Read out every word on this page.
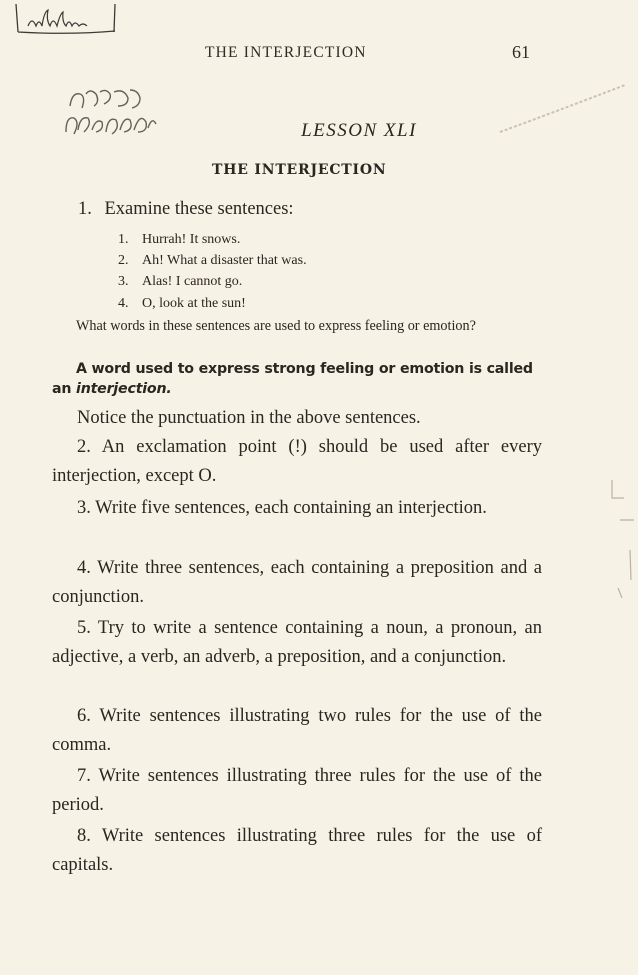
THE INTERJECTION	61
LESSON XLI
THE INTERJECTION
1. Examine these sentences:
1. Hurrah! It snows.
2. Ah! What a disaster that was.
3. Alas! I cannot go.
4. O, look at the sun!
What words in these sentences are used to express feeling or emotion?
A word used to express strong feeling or emotion is called an interjection.
Notice the punctuation in the above sentences.
2. An exclamation point (!) should be used after every interjection, except O.
3. Write five sentences, each containing an interjection.
4. Write three sentences, each containing a preposition and a conjunction.
5. Try to write a sentence containing a noun, a pronoun, an adjective, a verb, an adverb, a preposition, and a conjunction.
6. Write sentences illustrating two rules for the use of the comma.
7. Write sentences illustrating three rules for the use of the period.
8. Write sentences illustrating three rules for the use of capitals.
